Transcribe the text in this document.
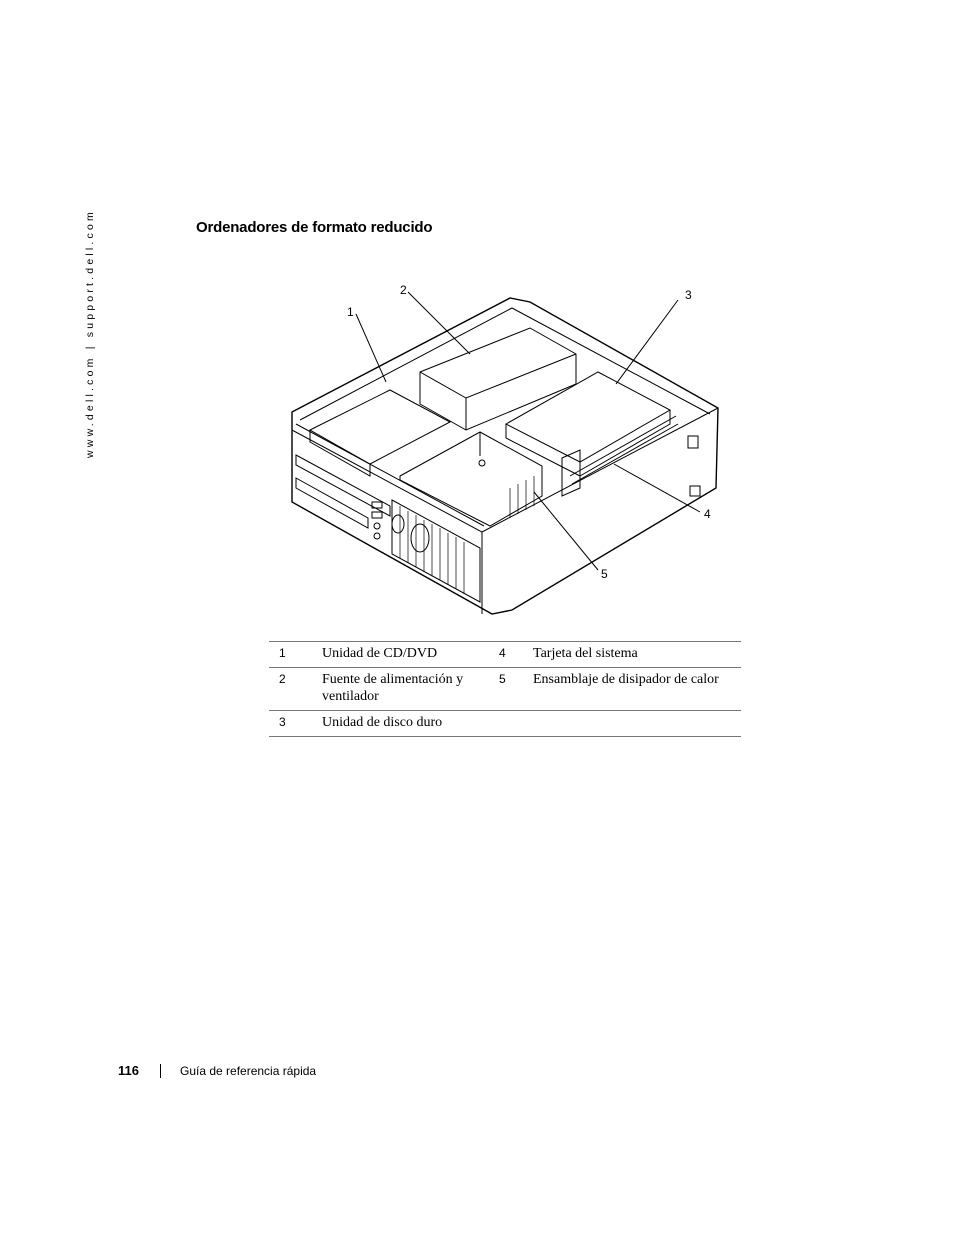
www.dell.com | support.dell.com	Ordenadores de formato reducido
1
2	3
4
5
1	Unidad de CD/DVD	4	Tarjeta del sistema
2	Fuente de alimentación y ventilador	5	Ensamblaje de disipador de calor
3	Unidad de disco duro		
116	Guía de referencia rápida
